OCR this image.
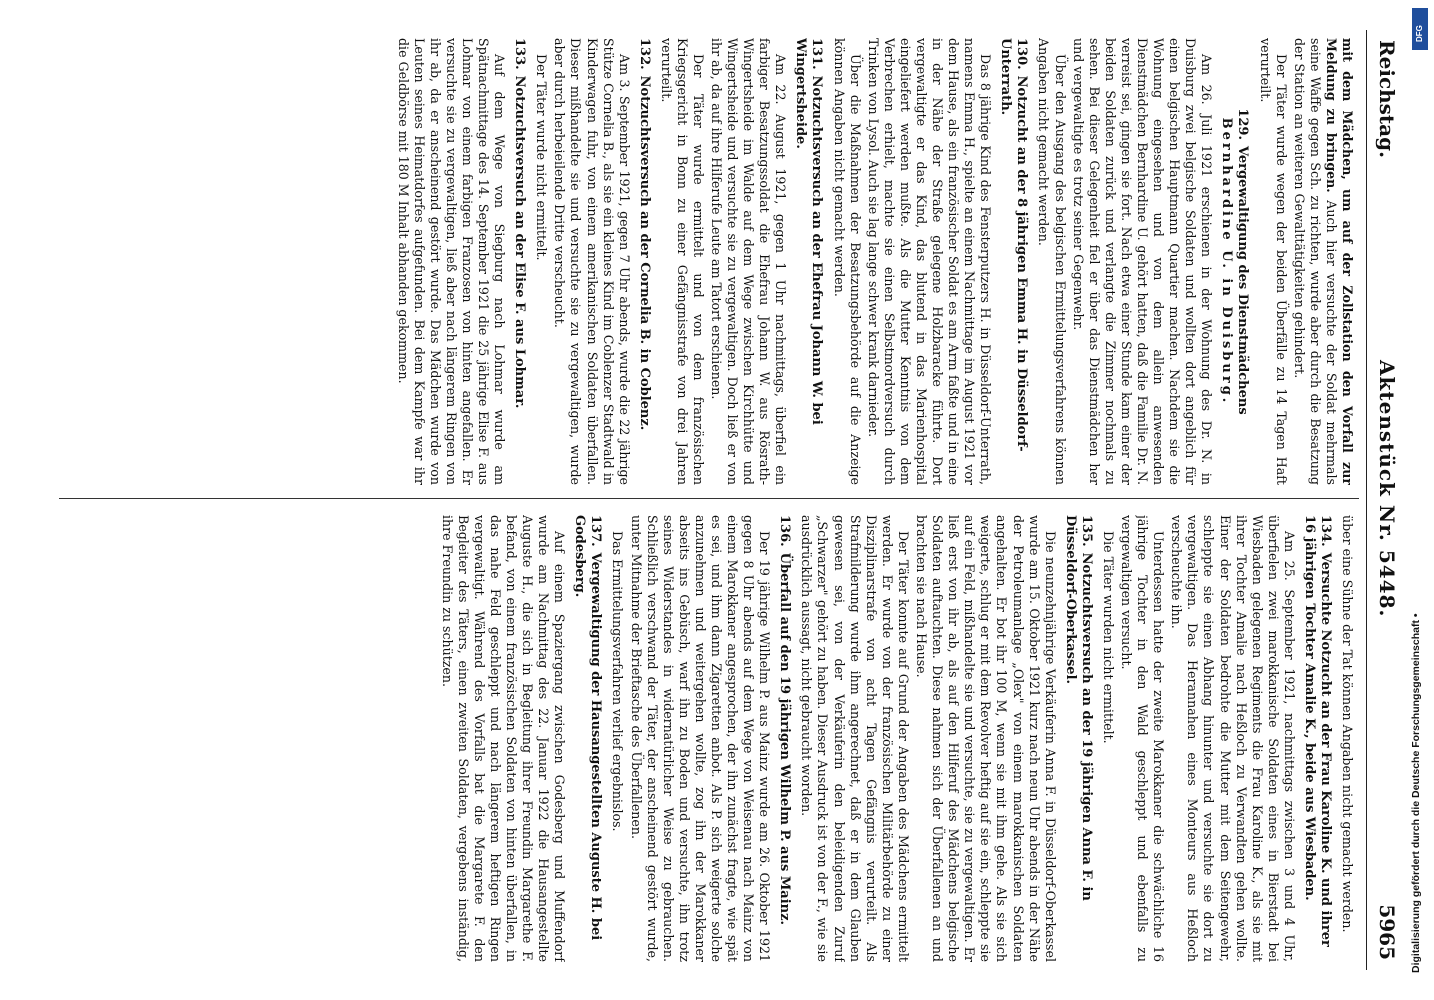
Reichstag.
Aktenstück Nr. 5448.
5965

mit dem Mädchen, um auf der Zollstation den Vorfall zur Meldung zu bringen. Auch hier versuchte der Soldat mehrmals seine Waffe gegen Sch. zu richten, wurde aber durch die Besatzung der Station an weiteren Gewalttätigkeiten gehindert.

Der Täter wurde wegen der beiden Überfälle zu 14 Tagen Haft verurteilt.

129.Vergewaltigung des Dienstmädchens
Bernhardine U. in Duisburg.

Am 26. Juli 1921 erschienen in der Wohnung des Dr. N. in Duisburg zwei belgische Soldaten und wollten dort angeblich für einen belgischen Hauptmann Quartier machen. Nachdem sie die Wohnung eingesehen und von dem allein anwesenden Dienstmädchen Bernhardine U. gehört hatten, daß die Familie Dr. N. verreist sei, gingen sie fort. Nach etwa einer Stunde kam einer der beiden Soldaten zurück und verlangte die Zimmer nochmals zu sehen. Bei dieser Gelegenheit fiel er über das Dienstmädchen her und vergewaltigte es trotz seiner Gegenwehr.

Über den Ausgang des belgischen Ermittelungsverfahrens können Angaben nicht gemacht werden.

130.Notzucht an der 8 jährigen Emma H. in Düsseldorf-Unterrath.

Das 8 jährige Kind des Fensterputzers H. in Düsseldorf-Unterrath, namens Emma H., spielte an einem Nachmittage im August 1921 vor dem Hause, als ein französischer Soldat es am Arm faßte und in eine in der Nähe der Straße gelegene Holzbaracke führte. Dort vergewaltigte er das Kind, das blutend in das Marienhospital eingeliefert werden mußte. Als die Mutter Kenntnis von dem Verbrechen erhielt, machte sie einen Selbstmordversuch durch Trinken von Lysol. Auch sie lag lange schwer krank darnieder.

Über die Maßnahmen der Besatzungsbehörde auf die Anzeige können Angaben nicht gemacht werden.

131.Notzuchtsversuch an der Ehefrau Johann W. bei Wingertsheide.

Am 22. August 1921, gegen 1 Uhr nachmittags, überfiel ein farbiger Besatzungssoldat die Ehefrau Johann W. aus Rösrath-Wingertsheide im Walde auf dem Wege zwischen Kirchhütte und Wingertsheide und versuchte sie zu vergewaltigen. Doch ließ er von ihr ab, da auf ihre Hilferufe Leute am Tatort erschienen.

Der Täter wurde ermittelt und von dem französischen Kriegsgericht in Bonn zu einer Gefängnisstrafe von drei Jahren verurteilt.

132.Notzuchtsversuch an der Cornelia B. in Coblenz.

Am 3. September 1921, gegen 7 Uhr abends, wurde die 22 jährige Stütze Cornelia B., als sie ein kleines Kind im Coblenzer Stadtwald in Kinderwagen fuhr, von einem amerikanischen Soldaten überfallen. Dieser mißhandelte sie und versuchte sie zu vergewaltigen, wurde aber durch herbeieilende Dritte verscheucht.

Der Täter wurde nicht ermittelt.

133.Notzuchtsversuch an der Elise F. aus Lohmar.

Auf dem Wege von Siegburg nach Lohmar wurde am Spätnachmittage des 14. September 1921 die 25 jährige Elise F. aus Lohmar von einem farbigen Franzosen von hinten angefallen. Er versuchte sie zu vergewaltigen, ließ aber nach längerem Ringen von ihr ab, da er anscheinend gestört wurde. Das Mädchen wurde von Leuten seines Heimatdorfes aufgefunden. Bei dem Kampfe war ihr die Geldbörse mit 180 M Inhalt abhanden gekommen.

über eine Sühne der Tat können Angaben nicht gemacht werden.

134.Versuchte Notzucht an der Frau Karoline K. und ihrer 16 jährigen Tochter Amalie K., beide aus Wiesbaden.

Am 25. September 1921, nachmittags zwischen 3 und 4 Uhr, überfielen zwei marokkanische Soldaten eines in Bierstadt bei Wiesbaden gelegenen Regiments die Frau Karoline K., als sie mit ihrer Tochter Amalie nach Heßloch zu Verwandten gehen wollte. Einer der Soldaten bedrohte die Mutter mit dem Seitengewehr, schleppte sie einen Abhang hinunter und versuchte sie dort zu vergewaltigen. Das Herannahen eines Monteurs aus Heßloch verscheuchte ihn.

Unterdessen hatte der zweite Marokkaner die schwächliche 16 jährige Tochter in den Wald geschleppt und ebenfalls zu vergewaltigen versucht.

Die Täter wurden nicht ermittelt.

135.Notzuchtsversuch an der 19 jährigen Anna F. in Düsseldorf-Oberkassel.

Die neunzehnjährige Verkäuferin Anna F. in Düsseldorf-Oberkassel wurde am 15. Oktober 1921 kurz nach neun Uhr abends in der Nähe der Petroleumanlage „Olex" von einem marokkanischen Soldaten angehalten. Er bot ihr 100 M, wenn sie mit ihm gehe. Als sie sich weigerte, schlug er mit dem Revolver heftig auf sie ein, schleppte sie auf ein Feld, mißhandelte sie und versuchte, sie zu vergewaltigen. Er ließ erst von ihr ab, als auf den Hilferuf des Mädchens belgische Soldaten auftauchten. Diese nahmen sich der Überfallenen an und brachten sie nach Hause.

Der Täter konnte auf Grund der Angaben des Mädchens ermittelt werden. Er wurde von der französischen Militärbehörde zu einer Disziplinarstrafe von acht Tagen Gefängnis verurteilt. Als Strafmilderung wurde ihm angerechnet, daß er in dem Glauben gewesen sei, von der Verkäuferin den beleidigenden Zuruf „Schwarzer" gehört zu haben. Dieser Ausdruck ist von der F., wie sie ausdrücklich aussagt, nicht gebraucht worden.

136.Überfall auf den 19 jährigen Wilhelm P. aus Mainz.

Der 19 jährige Wilhelm P. aus Mainz wurde am 26. Oktober 1921 gegen 8 Uhr abends auf dem Wege von Weisenau nach Mainz von einem Marokkaner angesprochen, der ihn zunächst fragte, wie spät es sei, und ihm dann Zigaretten anbot. Als P. sich weigerte solche anzunehmen und weitergehen wollte, zog ihn der Marokkaner abseits ins Gebüsch, warf ihn zu Boden und versuchte, ihn trotz seines Widerstandes in widernatürlicher Weise zu gebrauchen. Schließlich verschwand der Täter, der anscheinend gestört wurde, unter Mitnahme der Brieftasche des Überfallenen.

Das Ermittelungsverfahren verlief ergebnislos.

137.Vergewaltigung der Hausangestellten Auguste H. bei Godesberg.

Auf einem Spaziergang zwischen Godesberg und Muffendorf wurde am Nachmittag des 22. Januar 1922 die Hausangestellte Auguste H., die sich in Begleitung ihrer Freundin Margarethe F. befand, von einem französischen Soldaten von hinten überfallen, in das nahe Feld geschleppt und nach längerem heftigen Ringen vergewaltigt. Während des Vorfalls bat die Margarete F. den Begleiter des Täters, einen zweiten Soldaten, vergebens inständig, ihre Freundin zu schützen.

DFG
Digitalisierung gefördert durch die Deutsche Forschungsgemeinschaft •
